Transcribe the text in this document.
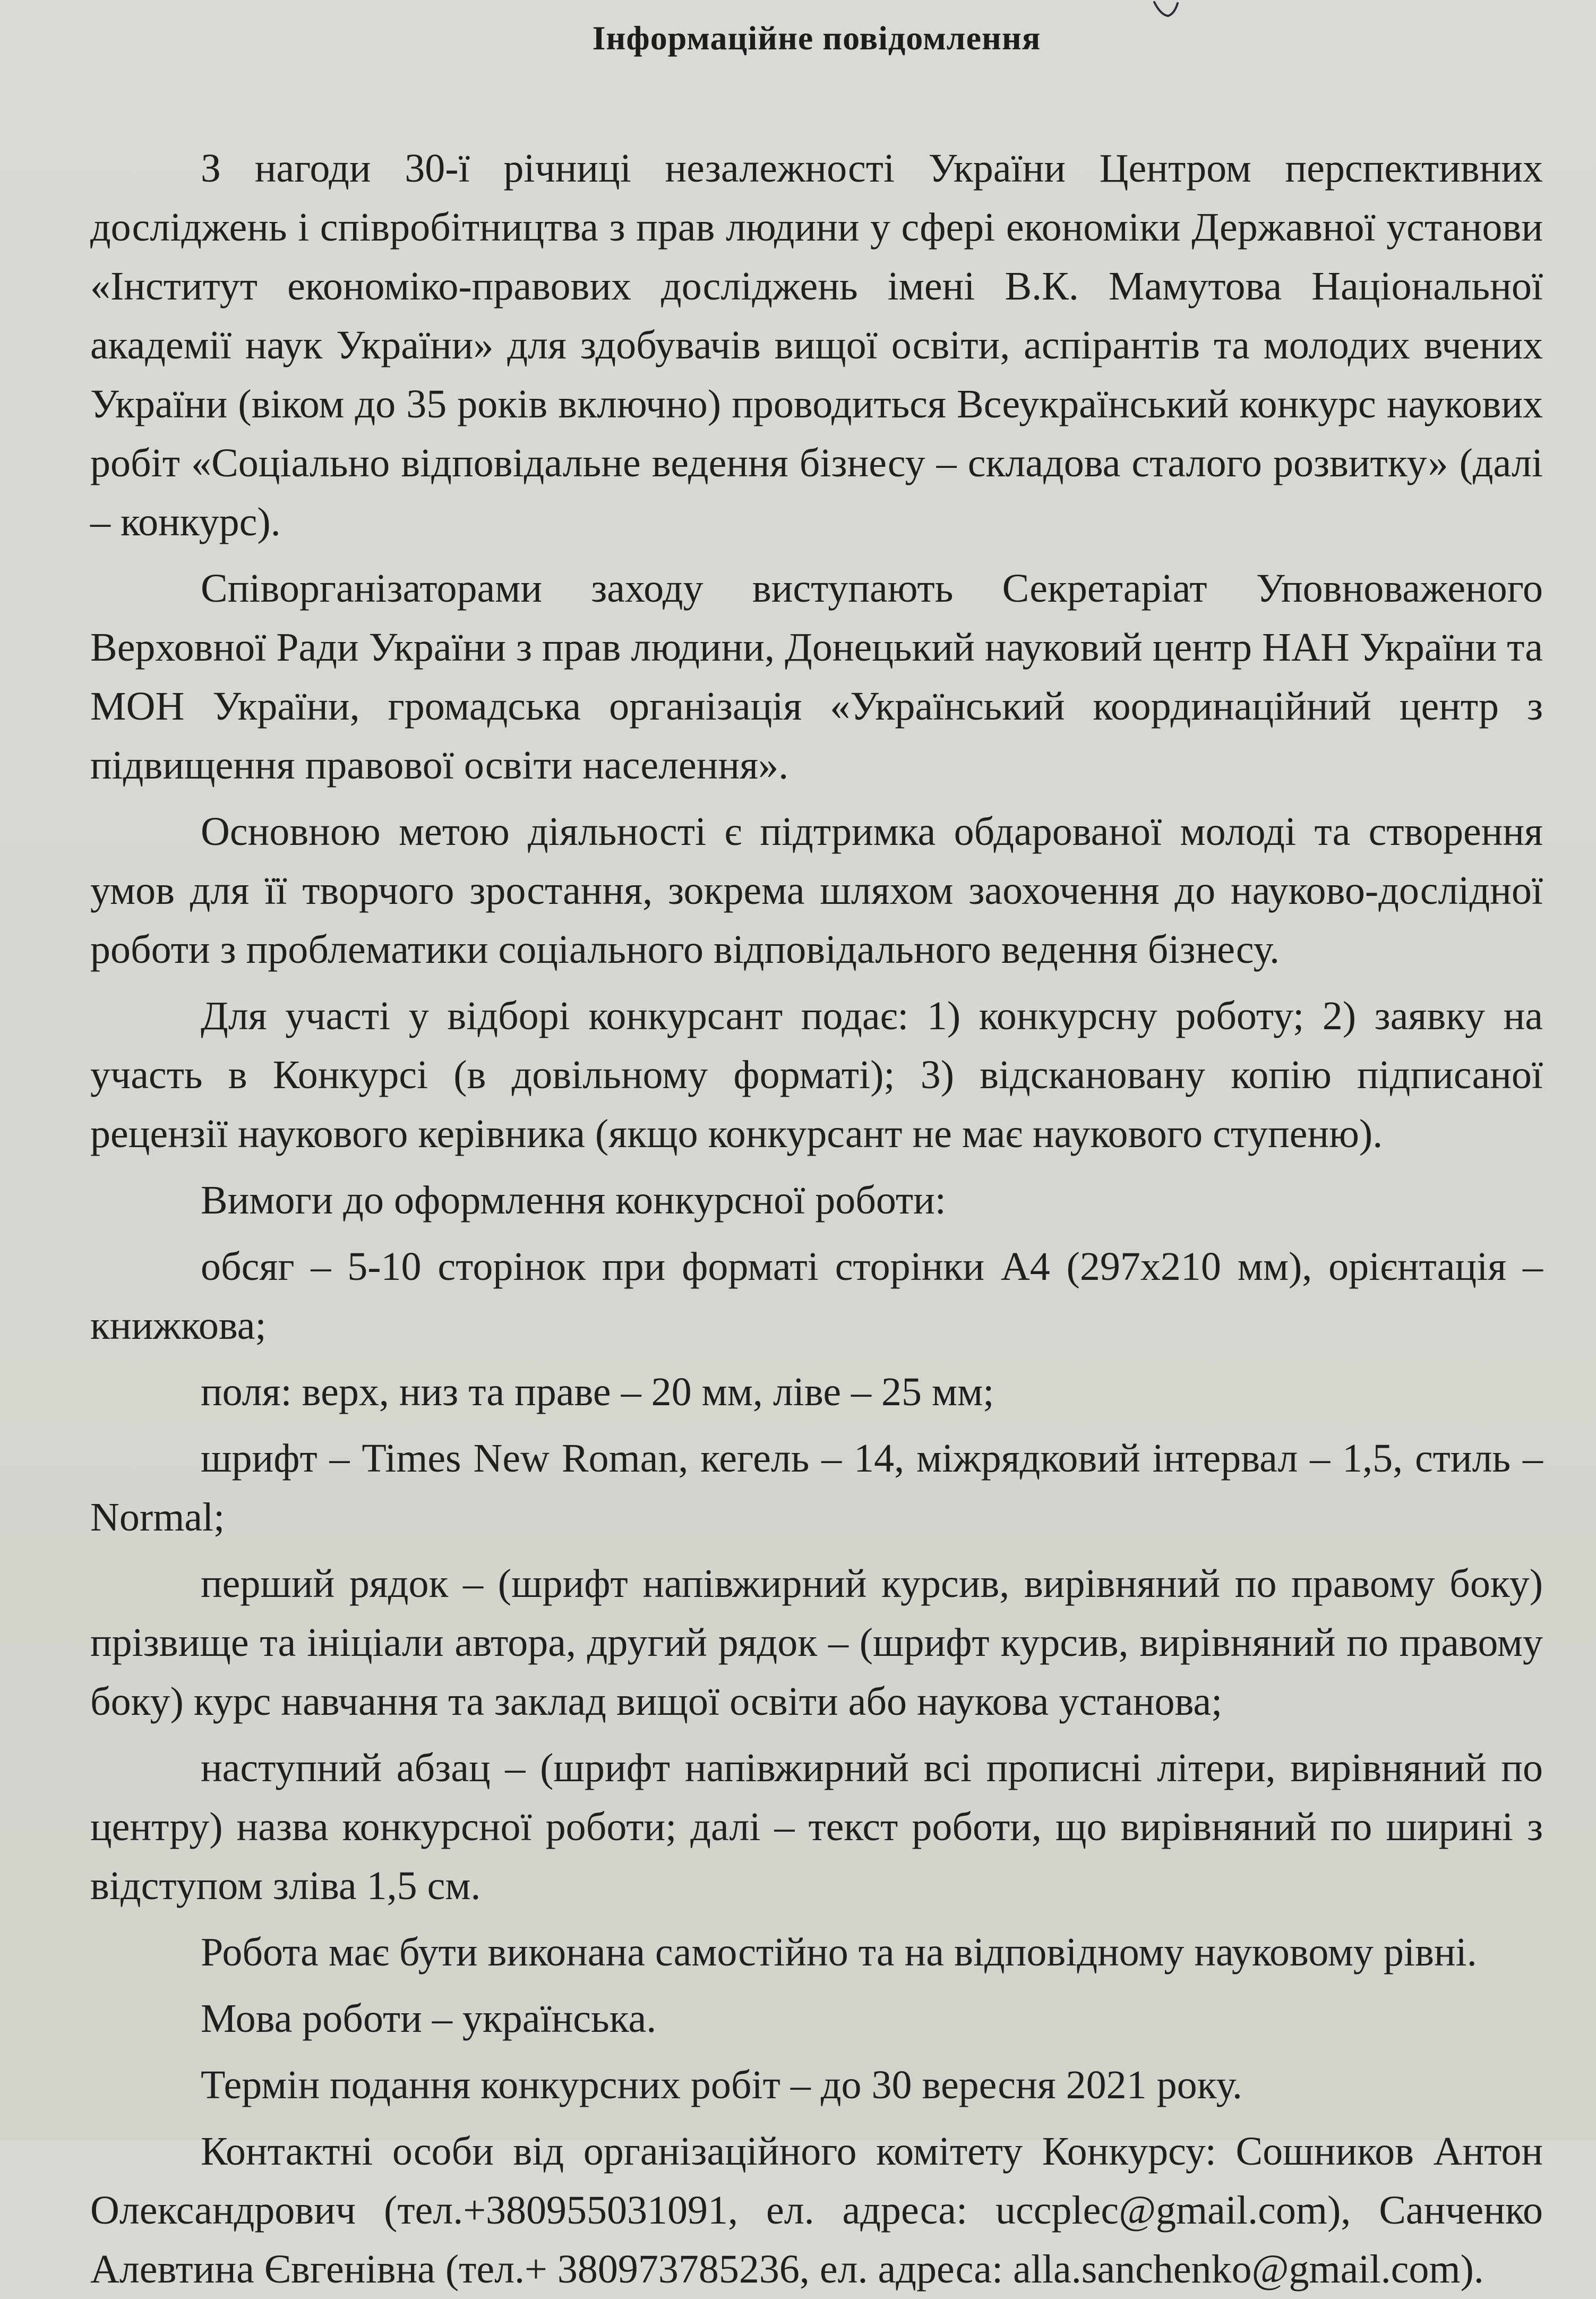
Інформаційне повідомлення

З нагоди 30-ї річниці незалежності України Центром перспективних досліджень і співробітництва з прав людини у сфері економіки Державної установи «Інститут економіко-правових досліджень імені В.К. Мамутова Національної академії наук України» для здобувачів вищої освіти, аспірантів та молодих вчених України (віком до 35 років включно) проводиться Всеукраїнський конкурс наукових робіт «Соціально відповідальне ведення бізнесу – складова сталого розвитку» (далі – конкурс).

Співорганізаторами заходу виступають Секретаріат Уповноваженого Верховної Ради України з прав людини, Донецький науковий центр НАН України та МОН України, громадська організація «Український координаційний центр з підвищення правової освіти населення».

Основною метою діяльності є підтримка обдарованої молоді та створення умов для її творчого зростання, зокрема шляхом заохочення до науково-дослідної роботи з проблематики соціального відповідального ведення бізнесу.

Для участі у відборі конкурсант подає: 1) конкурсну роботу; 2) заявку на участь в Конкурсі (в довільному форматі); 3) відскановану копію підписаної рецензії наукового керівника (якщо конкурсант не має наукового ступеню).

Вимоги до оформлення конкурсної роботи:

обсяг – 5-10 сторінок при форматі сторінки А4 (297х210 мм), орієнтація – книжкова;

поля: верх, низ та праве – 20 мм, ліве – 25 мм;

шрифт – Times New Roman, кегель – 14, міжрядковий інтервал – 1,5, стиль – Normal;

перший рядок – (шрифт напівжирний курсив, вирівняний по правому боку) прізвище та ініціали автора, другий рядок – (шрифт курсив, вирівняний по правому боку) курс навчання та заклад вищої освіти або наукова установа;

наступний абзац – (шрифт напівжирний всі прописні літери, вирівняний по центру) назва конкурсної роботи; далі – текст роботи, що вирівняний по ширині з відступом зліва 1,5 см.

Робота має бути виконана самостійно та на відповідному науковому рівні.

Мова роботи – українська.

Термін подання конкурсних робіт – до 30 вересня 2021 року.

Контактні особи від організаційного комітету Конкурсу: Сошников Антон Олександрович (тел.+380955031091, ел. адреса: uccplec@gmail.com), Санченко Алевтина Євгенівна (тел.+ 380973785236, ел. адреса: alla.sanchenko@gmail.com).
